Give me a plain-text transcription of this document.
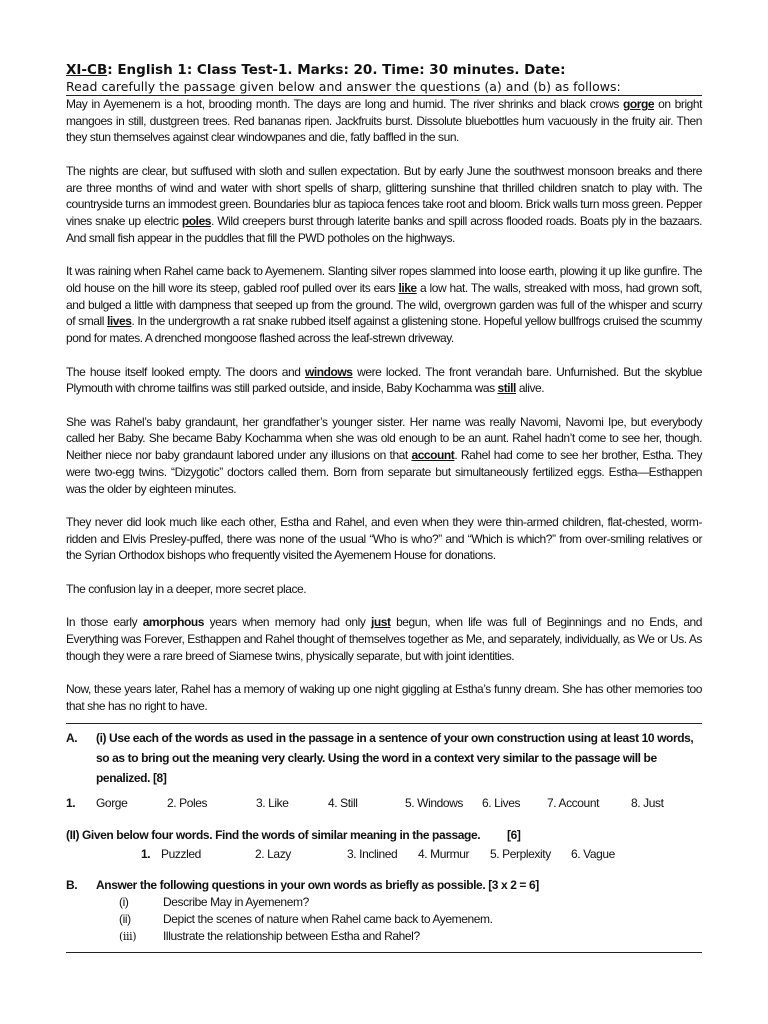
XI-CB: English 1: Class Test-1. Marks: 20. Time: 30 minutes. Date:
Read carefully the passage given below and answer the questions (a) and (b) as follows:

May in Ayemenem is a hot, brooding month. The days are long and humid. The river shrinks and black crows gorge on bright mangoes in still, dustgreen trees. Red bananas ripen. Jackfruits burst. Dissolute bluebottles hum vacuously in the fruity air. Then they stun themselves against clear windowpanes and die, fatly baffled in the sun.

The nights are clear, but suffused with sloth and sullen expectation. But by early June the southwest monsoon breaks and there are three months of wind and water with short spells of sharp, glittering sunshine that thrilled children snatch to play with. The countryside turns an immodest green. Boundaries blur as tapioca fences take root and bloom. Brick walls turn moss green. Pepper vines snake up electric poles. Wild creepers burst through laterite banks and spill across flooded roads. Boats ply in the bazaars. And small fish appear in the puddles that fill the PWD potholes on the highways.

It was raining when Rahel came back to Ayemenem. Slanting silver ropes slammed into loose earth, plowing it up like gunfire. The old house on the hill wore its steep, gabled roof pulled over its ears like a low hat. The walls, streaked with moss, had grown soft, and bulged a little with dampness that seeped up from the ground. The wild, overgrown garden was full of the whisper and scurry of small lives. In the undergrowth a rat snake rubbed itself against a glistening stone. Hopeful yellow bullfrogs cruised the scummy pond for mates. A drenched mongoose flashed across the leaf-strewn driveway.

The house itself looked empty. The doors and windows were locked. The front verandah bare. Unfurnished. But the skyblue Plymouth with chrome tailfins was still parked outside, and inside, Baby Kochamma was still alive.

She was Rahel’s baby grandaunt, her grandfather’s younger sister. Her name was really Navomi, Navomi Ipe, but everybody called her Baby. She became Baby Kochamma when she was old enough to be an aunt. Rahel hadn’t come to see her, though. Neither niece nor baby grandaunt labored under any illusions on that account. Rahel had come to see her brother, Estha. They were two-egg twins. “Dizygotic” doctors called them. Born from separate but simultaneously fertilized eggs. Estha—Esthappen was the older by eighteen minutes.

They never did look much like each other, Estha and Rahel, and even when they were thin-armed children, flat-chested, worm-ridden and Elvis Presley-puffed, there was none of the usual “Who is who?” and “Which is which?” from over-smiling relatives or the Syrian Orthodox bishops who frequently visited the Ayemenem House for donations.

The confusion lay in a deeper, more secret place.

In those early amorphous years when memory had only just begun, when life was full of Beginnings and no Ends, and Everything was Forever, Esthappen and Rahel thought of themselves together as Me, and separately, individually, as We or Us. As though they were a rare breed of Siamese twins, physically separate, but with joint identities.

Now, these years later, Rahel has a memory of waking up one night giggling at Estha’s funny dream. She has other memories too that she has no right to have.

A. (i) Use each of the words as used in the passage in a sentence of your own construction using at least 10 words, so as to bring out the meaning very clearly. Using the word in a context very similar to the passage will be penalized. [8]
1. Gorge	2. Poles	3. Like	4. Still	5. Windows 6. Lives 7. Account	8. Just
(II) Given below four words. Find the words of similar meaning in the passage. [6]
1. Puzzled	2. Lazy	3. Inclined 4. Murmur 5. Perplexity 6. Vague
B. Answer the following questions in your own words as briefly as possible. [3 x 2 = 6]
(i)	Describe May in Ayemenem?
(ii)	Depict the scenes of nature when Rahel came back to Ayemenem.
(iii) Illustrate the relationship between Estha and Rahel?
